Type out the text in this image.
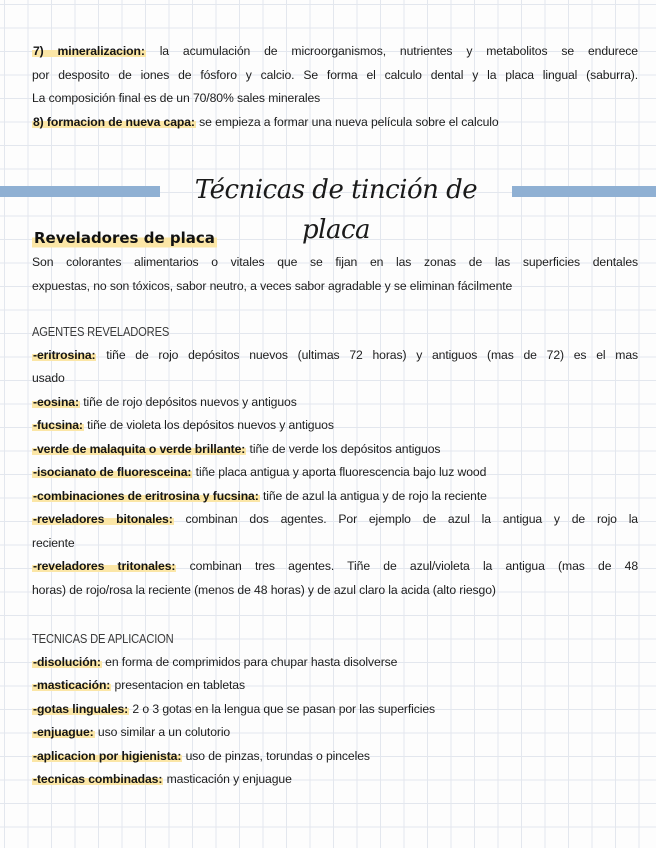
7) mineralizacion: la acumulación de microorganismos, nutrientes y metabolitos se endurece
por desposito de iones de fósforo y calcio. Se forma el calculo dental y la placa lingual (saburra).
La composición final es de un 70/80% sales minerales
8) formacion de nueva capa: se empieza a formar una nueva película sobre el calculo
Técnicas de tinción de placa
Reveladores de placa
Son colorantes alimentarios o vitales que se fijan en las zonas de las superficies dentales
expuestas, no son tóxicos, sabor neutro, a veces sabor agradable y se eliminan fácilmente
AGENTES REVELADORES
-eritrosina: tiñe de rojo depósitos nuevos (ultimas 72 horas) y antiguos (mas de 72) es el mas
usado
-eosina: tiñe de rojo depósitos nuevos y antiguos
-fucsina: tiñe de violeta los depósitos nuevos y antiguos
-verde de malaquita o verde brillante: tiñe de verde los depósitos antiguos
-isocianato de fluoresceina: tiñe placa antigua y aporta fluorescencia bajo luz wood
-combinaciones de eritrosina y fucsina: tiñe de azul la antigua y de rojo la reciente
-reveladores bitonales: combinan dos agentes. Por ejemplo de azul la antigua y de rojo la
reciente
-reveladores tritonales: combinan tres agentes. Tiñe de azul/violeta la antigua (mas de 48
horas) de rojo/rosa la reciente (menos de 48 horas) y de azul claro la acida (alto riesgo)
TECNICAS DE APLICACION
-disolución: en forma de comprimidos para chupar hasta disolverse
-masticación: presentacion en tabletas
-gotas linguales: 2 o 3 gotas en la lengua que se pasan por las superficies
-enjuague: uso similar a un colutorio
-aplicacion por higienista: uso de pinzas, torundas o pinceles
-tecnicas combinadas: masticación y enjuague
